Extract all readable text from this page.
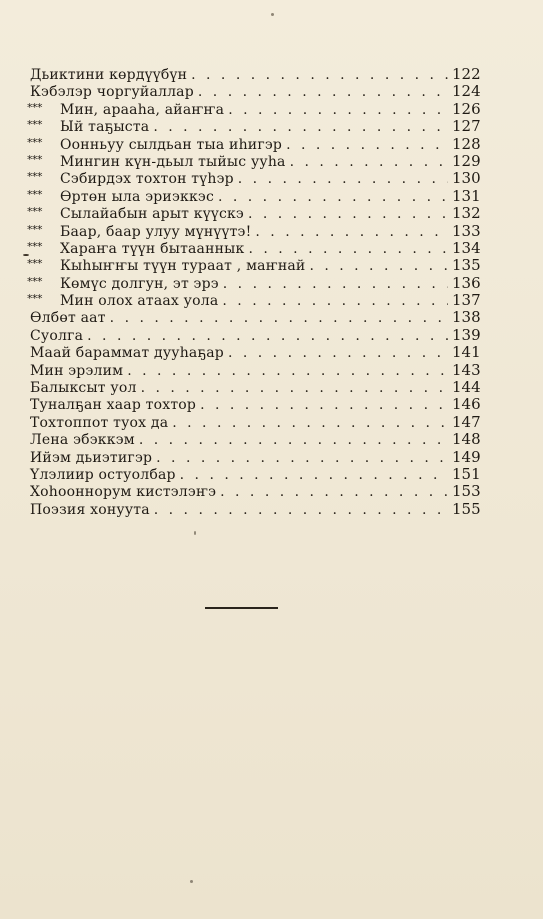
Дьиктини көрдүүбүн . . .	122
Кэбэлэр чоргуйаллар . . .	124
***	Мин, арааһа, айаҥҥа . . .	126
***	Ый таҕыста . . .	127
***	Оонньуу сылдьан тыа иһигэр . . .	128
***	Мингин күн-дьыл тыйыс ууһа . . .	129
***	Сэбирдэх тохтон түһэр . . .	130
***	Өртөн ыла эриэккэс . . .	131
***	Сылайабын арыт күүскэ . . .	132
***	Баар, баар улуу мүнүүтэ! . . .	133
***	Хараҥа түүн бытааннык . . .	134
***	Кыһыҥҥы түүн тураат , маҥнай . . .	135
***	Көмүс долгун, эт эрэ . . .	136
***	Мин олох атаах уола . . .	137
Өлбөт аат . . .	138
Суолга . . .	139
Маай бараммат дууһаҕар . . .	141
Мин эрэлим . . .	143
Балыксыт уол . . .	144
Туналҕан хаар тохтор . . .	146
Тохтоппот туох да . . .	147
Лена эбэккэм . . .	148
Ийэм дьиэтигэр . . .	149
Үлэлиир остуолбар . . .	151
Хоһооннорум кистэлэҥэ . . .	153
Поэзия хонуута . . .	155
